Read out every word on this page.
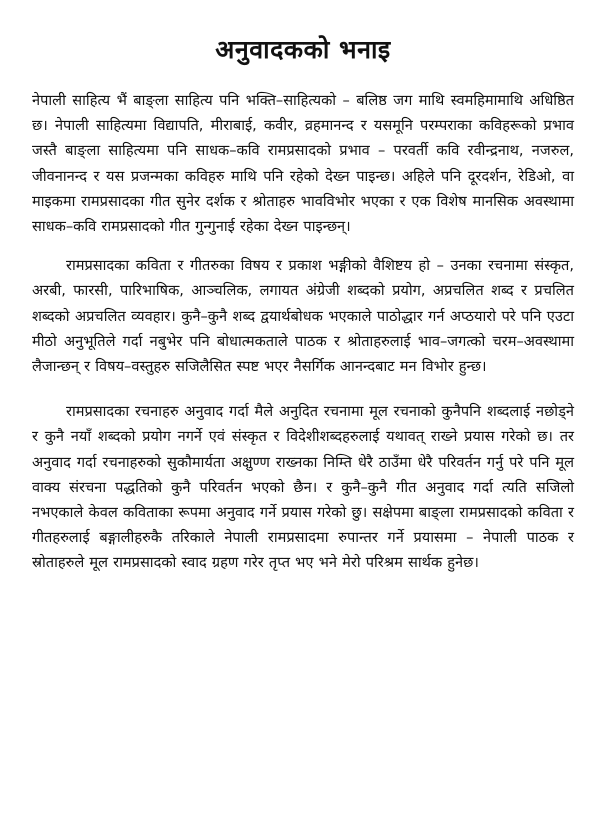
अनुवादकको भनाइ

नेपाली साहित्य भैं बाङ्ला साहित्य पनि भक्ति–साहित्यको – बलिष्ठ जग माथि स्वमहिमामाथि अधिष्ठित छ। नेपाली साहित्यमा विद्यापति, मीराबाई, कवीर, व्रहमानन्द र यसमूनि परम्पराका कविहरूको प्रभाव जस्तै बाङ्ला साहित्यमा पनि साधक–कवि रामप्रसादको प्रभाव – परवर्ती कवि रवीन्द्रनाथ, नजरुल, जीवनानन्द र यस प्रजन्मका कविहरु माथि पनि रहेको देख्न पाइन्छ। अहिले पनि दूरदर्शन, रेडिओ, वा माइकमा रामप्रसादका गीत सुनेर दर्शक र श्रोताहरु भावविभोर भएका र एक विशेष मानसिक अवस्थामा साधक–कवि रामप्रसादको गीत गुन्गुनाई रहेका देख्न पाइन्छन्।

रामप्रसादका कविता र गीतरुका विषय र प्रकाश भङ्गीको वैशिष्टय हो – उनका रचनामा संस्कृत, अरबी, फारसी, पारिभाषिक, आञ्चलिक, लगायत अंग्रेजी शब्दको प्रयोग, अप्रचलित शब्द र प्रचलित शब्दको अप्रचलित व्यवहार। कुनै–कुनै शब्द द्वयार्थबोधक भएकाले पाठोद्धार गर्न अप्ठयारो परे पनि एउटा मीठो अनुभूतिले गर्दा नबुभेर पनि बोधात्मकताले पाठक र श्रोताहरुलाई भाव–जगत्को चरम–अवस्थामा लैजान्छन् र विषय–वस्तुहरु सजिलैसित स्पष्ट भएर नैसर्गिक आनन्दबाट मन विभोर हुन्छ।

रामप्रसादका रचनाहरु अनुवाद गर्दा मैले अनुदित रचनामा मूल रचनाको कुनैपनि शब्दलाई नछोड्ने र कुनै नयाँ शब्दको प्रयोग नगर्ने एवं संस्कृत र विदेशीशब्दहरुलाई यथावत् राख्ने प्रयास गरेको छ। तर अनुवाद गर्दा रचनाहरुको सुकौमार्यता अक्षुण्ण राख्नका निम्ति धेरै ठाउँमा धेरै परिवर्तन गर्नु परे पनि मूल वाक्य संरचना पद्धतिको कुनै परिवर्तन भएको छैन। र कुनै–कुनै गीत अनुवाद गर्दा त्यति सजिलो नभएकाले केवल कविताका रूपमा अनुवाद गर्ने प्रयास गरेको छु। सक्षेपमा बाङ्ला रामप्रसादको कविता र गीतहरुलाई बङ्गालीहरुकै तरिकाले नेपाली रामप्रसादमा रुपान्तर गर्ने प्रयासमा – नेपाली पाठक र स्रोताहरुले मूल रामप्रसादको स्वाद ग्रहण गरेर तृप्त भए भने मेरो परिश्रम सार्थक हुनेछ।
